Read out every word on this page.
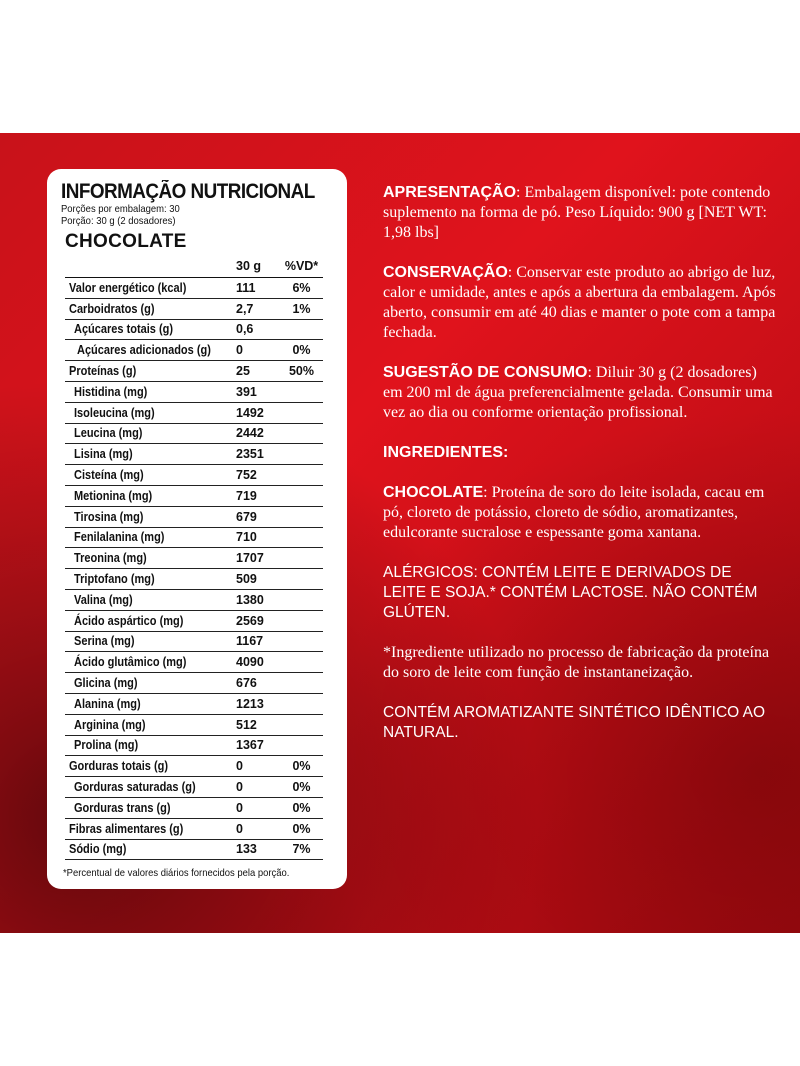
INFORMAÇÃO NUTRICIONAL
Porções por embalagem: 30
Porção: 30 g (2 dosadores)
CHOCOLATE
	30 g	%VD*
Valor energético (kcal)	111	6%
Carboidratos (g)	2,7	1%
Açúcares totais (g)	0,6	
Açúcares adicionados (g)	0	0%
Proteínas (g)	25	50%
Histidina (mg)	391	
Isoleucina (mg)	1492	
Leucina (mg)	2442	
Lisina (mg)	2351	
Cisteína (mg)	752	
Metionina (mg)	719	
Tirosina (mg)	679	
Fenilalanina (mg)	710	
Treonina (mg)	1707	
Triptofano (mg)	509	
Valina (mg)	1380	
Ácido aspártico (mg)	2569	
Serina (mg)	1167	
Ácido glutâmico (mg)	4090	
Glicina (mg)	676	
Alanina (mg)	1213	
Arginina (mg)	512	
Prolina (mg)	1367	
Gorduras totais (g)	0	0%
Gorduras saturadas (g)	0	0%
Gorduras trans (g)	0	0%
Fibras alimentares (g)	0	0%
Sódio (mg)	133	7%
*Percentual de valores diários fornecidos pela porção.

APRESENTAÇÃO: Embalagem disponível: pote contendo suplemento na forma de pó. Peso Líquido: 900 g [NET WT: 1,98 lbs]

CONSERVAÇÃO: Conservar este produto ao abrigo de luz, calor e umidade, antes e após a abertura da embalagem. Após aberto, consumir em até 40 dias e manter o pote com a tampa fechada.

SUGESTÃO DE CONSUMO: Diluir 30 g (2 dosadores) em 200 ml de água preferencialmente gelada. Consumir uma vez ao dia ou conforme orientação profissional.

INGREDIENTES:

CHOCOLATE: Proteína de soro do leite isolada, cacau em pó, cloreto de potássio, cloreto de sódio, aromatizantes, edulcorante sucralose e espessante goma xantana.

ALÉRGICOS: CONTÉM LEITE E DERIVADOS DE LEITE E SOJA.* CONTÉM LACTOSE. NÃO CONTÉM GLÚTEN.

*Ingrediente utilizado no processo de fabricação da proteína do soro de leite com função de instantaneização.

CONTÉM AROMATIZANTE SINTÉTICO IDÊNTICO AO NATURAL.
